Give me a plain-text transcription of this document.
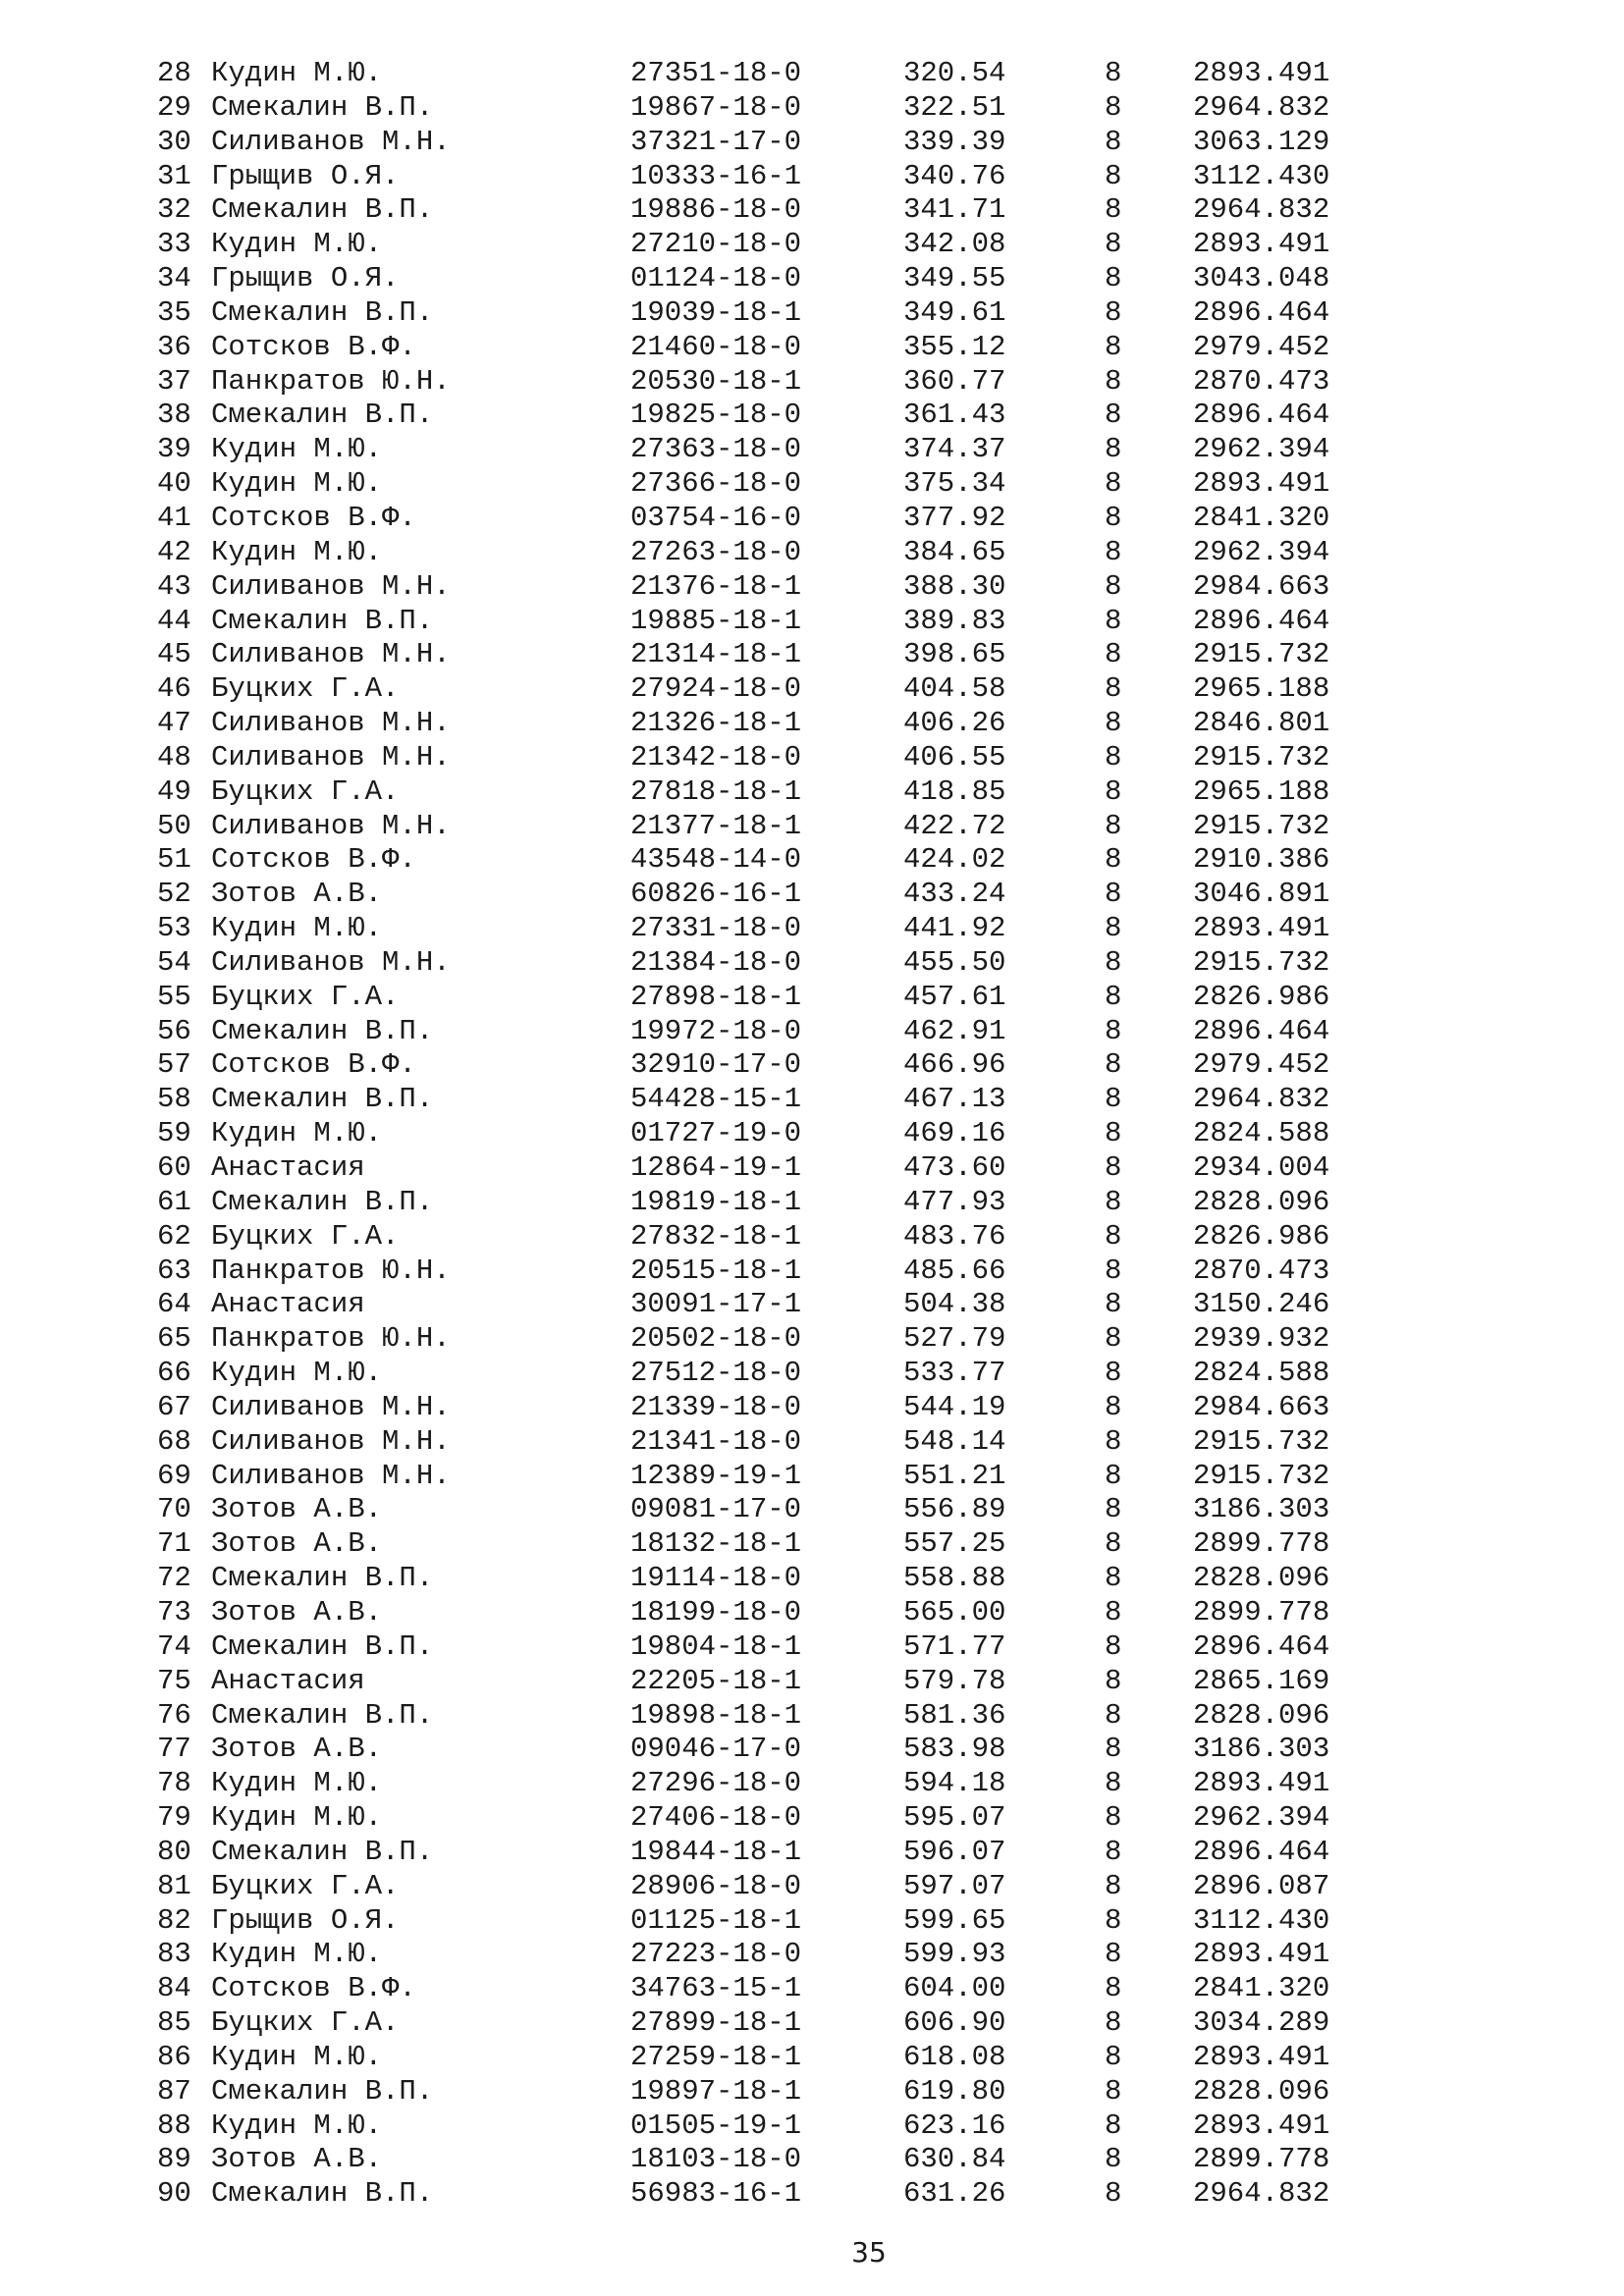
28 Кудин М.Ю.	27351-18-0	320.54	8	2893.491
29 Смекалин В.П.	19867-18-0	322.51	8	2964.832
30 Силиванов М.Н.	37321-17-0	339.39	8	3063.129
31 Грыщив О.Я.	10333-16-1	340.76	8	3112.430
32 Смекалин В.П.	19886-18-0	341.71	8	2964.832
33 Кудин М.Ю.	27210-18-0	342.08	8	2893.491
34 Грыщив О.Я.	01124-18-0	349.55	8	3043.048
35 Смекалин В.П.	19039-18-1	349.61	8	2896.464
36 Сотсков В.Ф.	21460-18-0	355.12	8	2979.452
37 Панкратов Ю.Н.	20530-18-1	360.77	8	2870.473
38 Смекалин В.П.	19825-18-0	361.43	8	2896.464
39 Кудин М.Ю.	27363-18-0	374.37	8	2962.394
40 Кудин М.Ю.	27366-18-0	375.34	8	2893.491
41 Сотсков В.Ф.	03754-16-0	377.92	8	2841.320
42 Кудин М.Ю.	27263-18-0	384.65	8	2962.394
43 Силиванов М.Н.	21376-18-1	388.30	8	2984.663
44 Смекалин В.П.	19885-18-1	389.83	8	2896.464
45 Силиванов М.Н.	21314-18-1	398.65	8	2915.732
46 Буцких Г.А.	27924-18-0	404.58	8	2965.188
47 Силиванов М.Н.	21326-18-1	406.26	8	2846.801
48 Силиванов М.Н.	21342-18-0	406.55	8	2915.732
49 Буцких Г.А.	27818-18-1	418.85	8	2965.188
50 Силиванов М.Н.	21377-18-1	422.72	8	2915.732
51 Сотсков В.Ф.	43548-14-0	424.02	8	2910.386
52 Зотов А.В.	60826-16-1	433.24	8	3046.891
53 Кудин М.Ю.	27331-18-0	441.92	8	2893.491
54 Силиванов М.Н.	21384-18-0	455.50	8	2915.732
55 Буцких Г.А.	27898-18-1	457.61	8	2826.986
56 Смекалин В.П.	19972-18-0	462.91	8	2896.464
57 Сотсков В.Ф.	32910-17-0	466.96	8	2979.452
58 Смекалин В.П.	54428-15-1	467.13	8	2964.832
59 Кудин М.Ю.	01727-19-0	469.16	8	2824.588
60 Анастасия	12864-19-1	473.60	8	2934.004
61 Смекалин В.П.	19819-18-1	477.93	8	2828.096
62 Буцких Г.А.	27832-18-1	483.76	8	2826.986
63 Панкратов Ю.Н.	20515-18-1	485.66	8	2870.473
64 Анастасия	30091-17-1	504.38	8	3150.246
65 Панкратов Ю.Н.	20502-18-0	527.79	8	2939.932
66 Кудин М.Ю.	27512-18-0	533.77	8	2824.588
67 Силиванов М.Н.	21339-18-0	544.19	8	2984.663
68 Силиванов М.Н.	21341-18-0	548.14	8	2915.732
69 Силиванов М.Н.	12389-19-1	551.21	8	2915.732
70 Зотов А.В.	09081-17-0	556.89	8	3186.303
71 Зотов А.В.	18132-18-1	557.25	8	2899.778
72 Смекалин В.П.	19114-18-0	558.88	8	2828.096
73 Зотов А.В.	18199-18-0	565.00	8	2899.778
74 Смекалин В.П.	19804-18-1	571.77	8	2896.464
75 Анастасия	22205-18-1	579.78	8	2865.169
76 Смекалин В.П.	19898-18-1	581.36	8	2828.096
77 Зотов А.В.	09046-17-0	583.98	8	3186.303
78 Кудин М.Ю.	27296-18-0	594.18	8	2893.491
79 Кудин М.Ю.	27406-18-0	595.07	8	2962.394
80 Смекалин В.П.	19844-18-1	596.07	8	2896.464
81 Буцких Г.А.	28906-18-0	597.07	8	2896.087
82 Грыщив О.Я.	01125-18-1	599.65	8	3112.430
83 Кудин М.Ю.	27223-18-0	599.93	8	2893.491
84 Сотсков В.Ф.	34763-15-1	604.00	8	2841.320
85 Буцких Г.А.	27899-18-1	606.90	8	3034.289
86 Кудин М.Ю.	27259-18-1	618.08	8	2893.491
87 Смекалин В.П.	19897-18-1	619.80	8	2828.096
88 Кудин М.Ю.	01505-19-1	623.16	8	2893.491
89 Зотов А.В.	18103-18-0	630.84	8	2899.778
90 Смекалин В.П.	56983-16-1	631.26	8	2964.832
35
